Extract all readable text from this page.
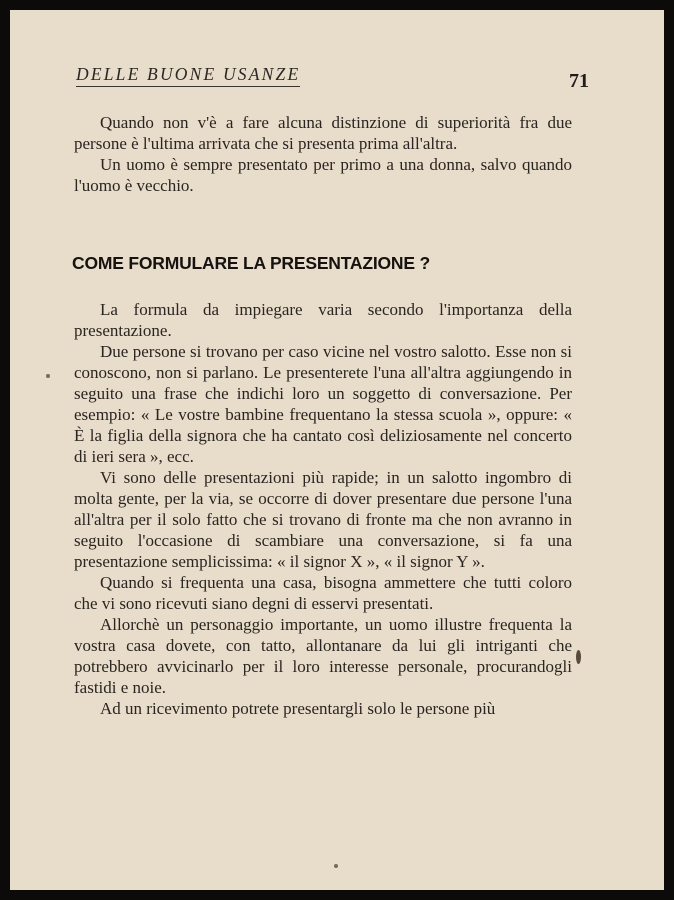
DELLE BUONE USANZE	71

Quando non v'è a fare alcuna distinzione di superiorità fra due persone è l'ultima arrivata che si presenta prima all'altra.

Un uomo è sempre presentato per primo a una donna, salvo quando l'uomo è vecchio.

COME FORMULARE LA PRESENTAZIONE ?

La formula da impiegare varia secondo l'importanza della presentazione.

Due persone si trovano per caso vicine nel vostro salotto. Esse non si conoscono, non si parlano. Le presenterete l'una all'altra aggiungendo in seguito una frase che indichi loro un soggetto di conversazione. Per esempio: « Le vostre bambine frequentano la stessa scuola », oppure: « È la figlia della signora che ha cantato così deliziosamente nel concerto di ieri sera », ecc.

Vi sono delle presentazioni più rapide; in un salotto ingombro di molta gente, per la via, se occorre di dover presentare due persone l'una all'altra per il solo fatto che si trovano di fronte ma che non avranno in seguito l'occasione di scambiare una conversazione, si fa una presentazione semplicissima: « il signor X », « il signor Y ».

Quando si frequenta una casa, bisogna ammettere che tutti coloro che vi sono ricevuti siano degni di esservi presentati.

Allorchè un personaggio importante, un uomo illustre frequenta la vostra casa dovete, con tatto, allontanare da lui gli intriganti che potrebbero avvicinarlo per il loro interesse personale, procurandogli fastidi e noie.

Ad un ricevimento potrete presentargli solo le persone più
